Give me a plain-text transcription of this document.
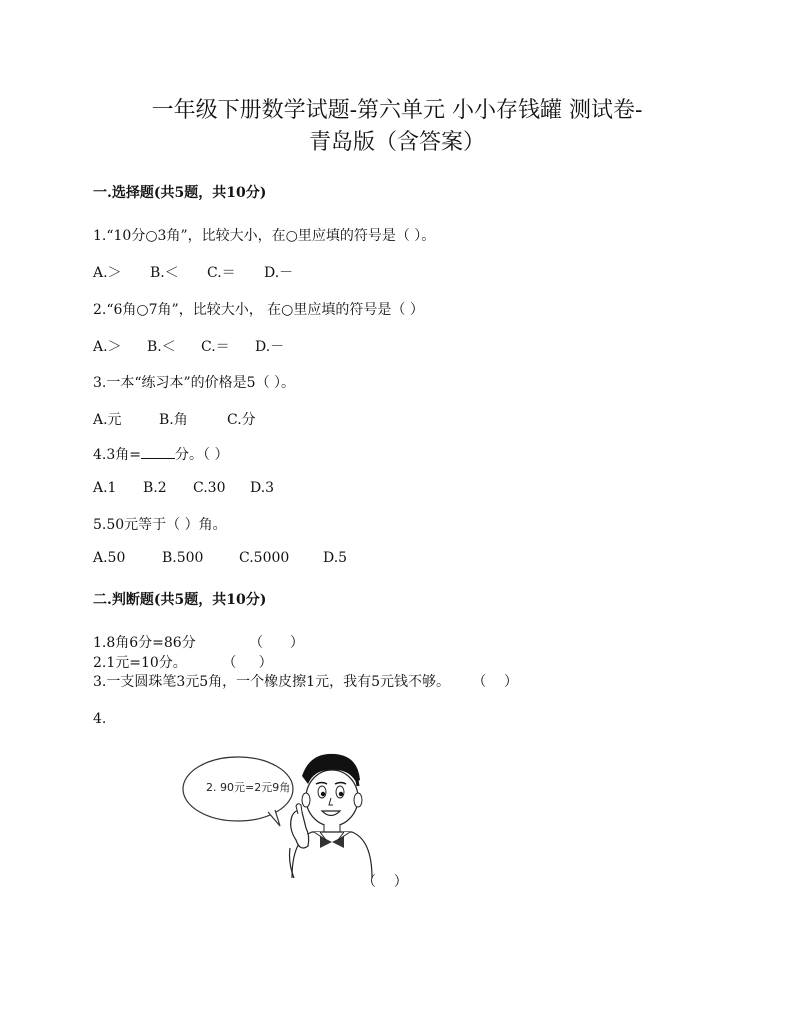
一年级下册数学试题-第六单元 小小存钱罐 测试卷-
青岛版（含答案）
一.选择题(共5题，共10分)
1.“10分○3角”，比较大小，在○里应填的符号是（ ）。
A.＞ B.＜ C.＝ D.－
2.“6角○7角”，比较大小， 在○里应填的符号是（ ）
A.＞ B.＜ C.＝ D.－
3.一本“练习本”的价格是5（ ）。
A.元	B.角	C.分
4.3角= 分。（ ）
A.1 B.2 C.30 D.3
5.50元等于（ ）角。
A.50	B.500	C.5000 D.5
二.判断题(共5题，共10分)
1.8角6分=86分            （      ）
2.1元=10分。        （     ）
3.一支圆珠笔3元5角，一个橡皮擦1元，我有5元钱不够。     （    ）
4.
2. 90元=2元9角
（    ）
